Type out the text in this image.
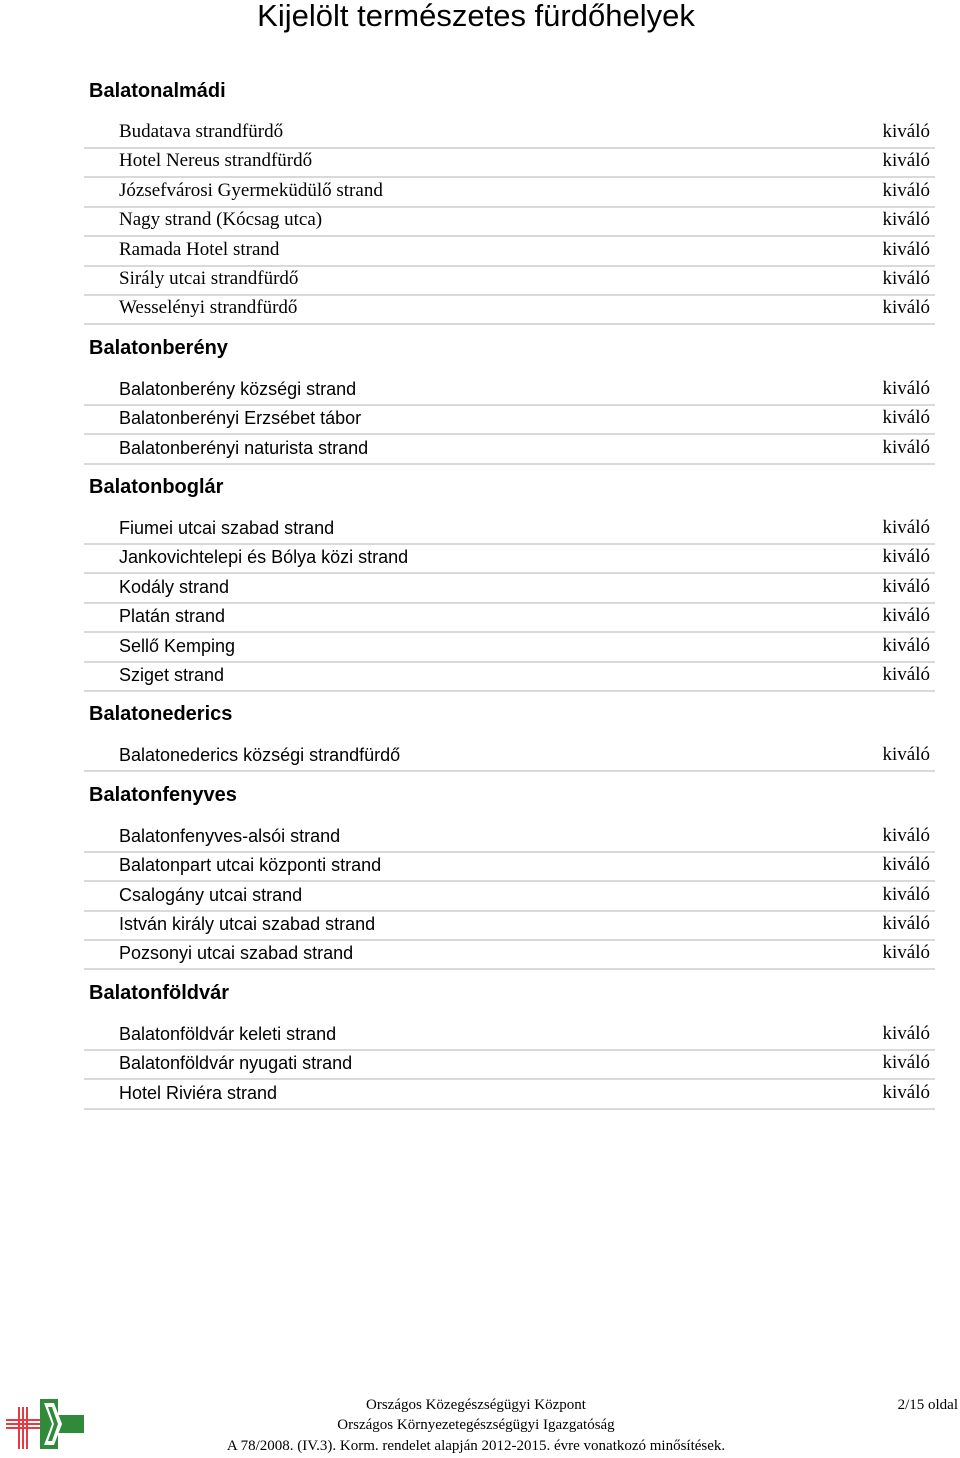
Kijelölt természetes fürdőhelyek
Balatonalmádi
Budatava strandfürdő	kiváló
Hotel Nereus strandfürdő	kiváló
Józsefvárosi Gyermeküdülő strand	kiváló
Nagy strand (Kócsag utca)	kiváló
Ramada Hotel strand	kiváló
Sirály utcai strandfürdő	kiváló
Wesselényi strandfürdő	kiváló
Balatonberény
Balatonberény községi strand	kiváló
Balatonberényi Erzsébet tábor	kiváló
Balatonberényi naturista strand	kiváló
Balatonboglár
Fiumei utcai szabad strand	kiváló
Jankovichtelepi és Bólya közi strand	kiváló
Kodály strand	kiváló
Platán strand	kiváló
Sellő Kemping	kiváló
Sziget strand	kiváló
Balatonederics
Balatonederics községi strandfürdő	kiváló
Balatonfenyves
Balatonfenyves-alsói strand	kiváló
Balatonpart utcai központi strand	kiváló
Csalogány utcai strand	kiváló
István király utcai szabad strand	kiváló
Pozsonyi utcai szabad strand	kiváló
Balatonföldvár
Balatonföldvár keleti strand	kiváló
Balatonföldvár nyugati strand	kiváló
Hotel Riviéra strand	kiváló
Országos Közegészségügyi Központ
Országos Környezetegészségügyi Igazgatóság
A 78/2008. (IV.3). Korm. rendelet alapján 2012-2015. évre vonatkozó minősítések.
2/15 oldal
